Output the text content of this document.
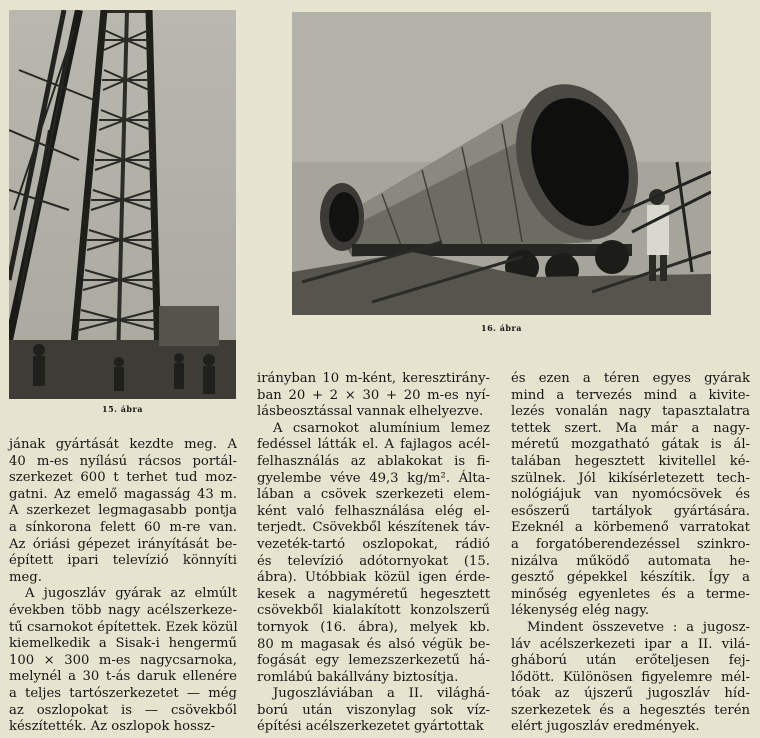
15. ábra
16. ábra
jának gyártását kezdte meg. A
40 m-es nyílású rácsos portál-
szerkezet 600 t terhet tud moz-
gatni. Az emelő magasság 43 m.
A szerkezet legmagasabb pontja
a sínkorona felett 60 m-re van.
Az óriási gépezet irányítását be-
épített ipari televízió könnyíti
meg.
A jugoszláv gyárak az elmúlt
években több nagy acélszerkeze-
tű csarnokot építettek. Ezek közül
kiemelkedik a Sisak-i hengermű
100 × 300 m-es nagycsarnoka,
melynél a 30 t-ás daruk ellenére
a teljes tartószerkezetet — még
az oszlopokat is — csövekből
készítették. Az oszlopok hossz-
irányban 10 m-ként, keresztirány-
ban 20 + 2 × 30 + 20 m-es nyí-
lásbeosztással vannak elhelyezve.
A csarnokot alumínium lemez
fedéssel látták el. A fajlagos acél-
felhasználás az ablakokat is fi-
gyelembe véve 49,3 kg/m². Álta-
lában a csövek szerkezeti elem-
ként való felhasználása elég el-
terjedt. Csövekből készítenek táv-
vezeték-tartó oszlopokat, rádió
és televízió adótornyokat (15.
ábra). Utóbbiak közül igen érde-
kesek a nagyméretű hegesztett
csövekből kialakított konzolszerű
tornyok (16. ábra), melyek kb.
80 m magasak és alsó végük be-
fogását egy lemezszerkezetű há-
romlábú bakállvány biztosítja.
Jugoszláviában a II. világhá-
ború után viszonylag sok víz-
építési acélszerkezetet gyártottak
és ezen a téren egyes gyárak
mind a tervezés mind a kivite-
lezés vonalán nagy tapasztalatra
tettek szert. Ma már a nagy-
méretű mozgatható gátak is ál-
talában hegesztett kivitellel ké-
szülnek. Jól kikísérletezett tech-
nológiájuk van nyomócsövek és
esőszerű tartályok gyártására.
Ezeknél a körbemenő varratokat
a forgatóberendezéssel szinkro-
nizálva működő automata he-
gesztő gépekkel készítik. Így a
minőség egyenletes és a terme-
lékenység elég nagy.
Mindent összevetve : a jugosz-
láv acélszerkezeti ipar a II. vilá-
gháború után erőteljesen fej-
lődött. Különösen figyelemre mél-
tóak az újszerű jugoszláv híd-
szerkezetek és a hegesztés terén
elért jugoszláv eredmények.
